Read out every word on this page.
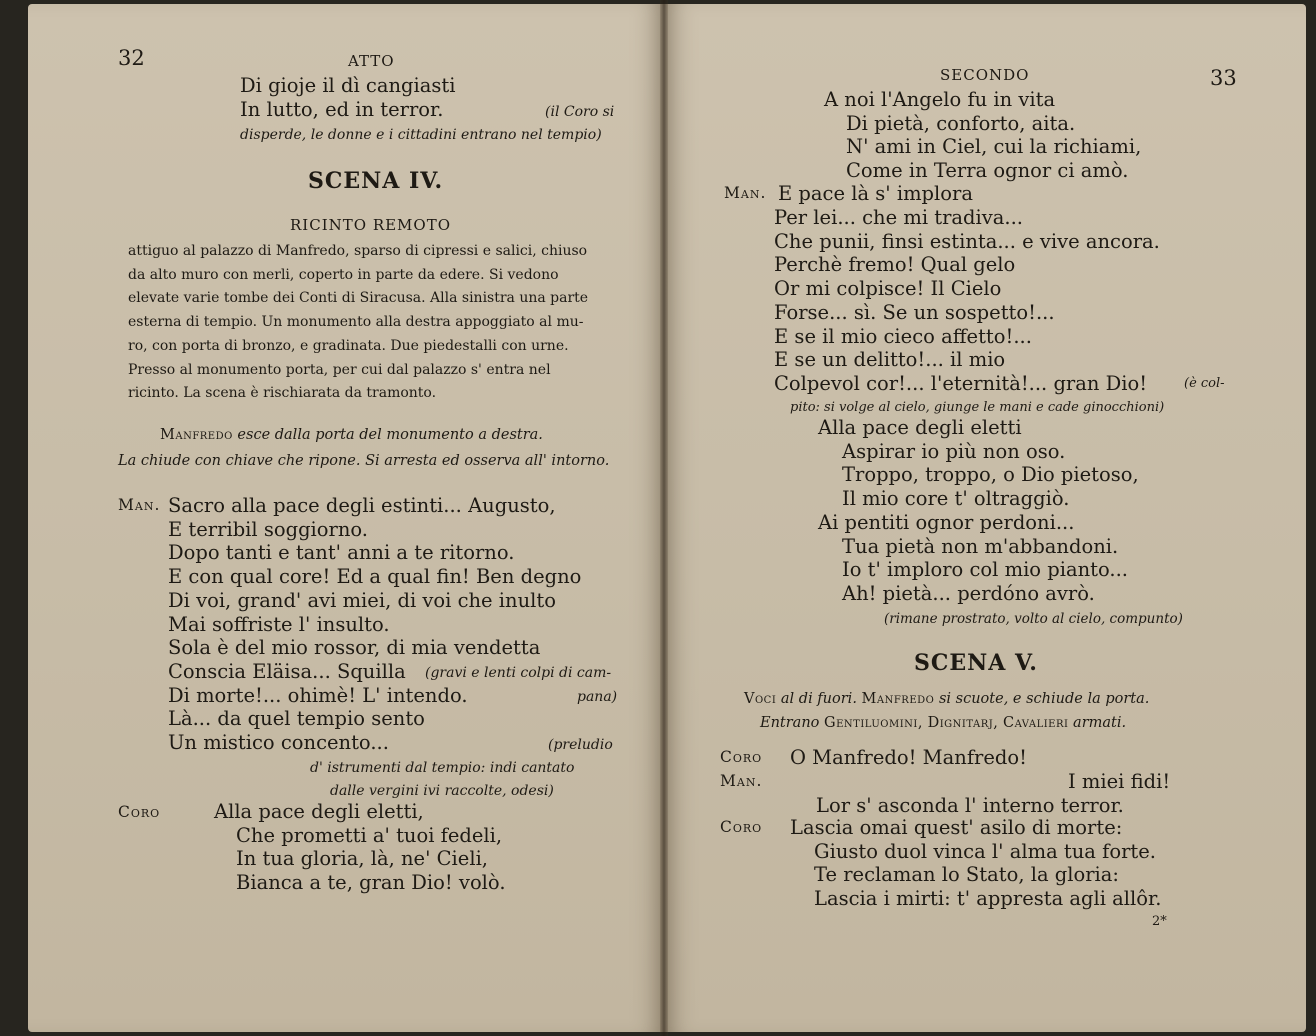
32	ATTO
Di gioje il dì cangiasti
In lutto, ed in terror.	(il Coro si
disperde, le donne e i cittadini entrano nel tempio)
SCENA IV.
RICINTO REMOTO
attiguo al palazzo di Manfredo, sparso di cipressi e salici, chiuso
da alto muro con merli, coperto in parte da edere. Si vedono
elevate varie tombe dei Conti di Siracusa. Alla sinistra una parte
esterna di tempio. Un monumento alla destra appoggiato al mu-
ro, con porta di bronzo, e gradinata. Due piedestalli con urne.
Presso al monumento porta, per cui dal palazzo s' entra nel
ricinto. La scena è rischiarata da tramonto.
Manfredo esce dalla porta del monumento a destra.
La chiude con chiave che ripone. Si arresta ed osserva all' intorno.
Man. Sacro alla pace degli estinti... Augusto,
E terribil soggiorno.
Dopo tanti e tant' anni a te ritorno.
E con qual core! Ed a qual fin! Ben degno
Di voi, grand' avi miei, di voi che inulto
Mai soffriste l' insulto.
Sola è del mio rossor, di mia vendetta
Conscia Eläisa... Squilla
Di morte!... ohimè! L' intendo.
Là... da quel tempio sento
Un mistico concento...
(gravi e lenti colpi di cam-
pana)
(preludio
d' istrumenti dal tempio: indi cantato
dalle vergini ivi raccolte, odesi)
Coro	Alla pace degli eletti,
Che prometti a' tuoi fedeli,
In tua gloria, là, ne' Cieli,
Bianca a te, gran Dio! volò.
SECONDO	33
A noi l'Angelo fu in vita
Di pietà, conforto, aita.
N' ami in Ciel, cui la richiami,
Come in Terra ognor ci amò.
Man. E pace là s' implora
Per lei... che mi tradiva...
Che punii, finsi estinta... e vive ancora.
Perchè fremo! Qual gelo
Or mi colpisce! Il Cielo
Forse... sì. Se un sospetto!...
E se il mio cieco affetto!...
E se un delitto!... il mio
Colpevol cor!... l'eternità!... gran Dio!	(è col-
pito: si volge al cielo, giunge le mani e cade ginocchioni)
Alla pace degli eletti
Aspirar io più non oso.
Troppo, troppo, o Dio pietoso,
Il mio core t' oltraggiò.
Ai pentiti ognor perdoni...
Tua pietà non m'abbandoni.
Io t' imploro col mio pianto...
Ah! pietà... perdóno avrò.
(rimane prostrato, volto al cielo, compunto)
SCENA V.
Voci al di fuori. Manfredo si scuote, e schiude la porta.
Entrano Gentiluomini, Dignitarj, Cavalieri armati.
Coro O Manfredo! Manfredo!
Man.	I miei fidi!
Lor s' asconda l' interno terror.
Coro Lascia omai quest' asilo di morte:
Giusto duol vinca l' alma tua forte.
Te reclaman lo Stato, la gloria:
Lascia i mirti: t' appresta agli allôr.
2*
